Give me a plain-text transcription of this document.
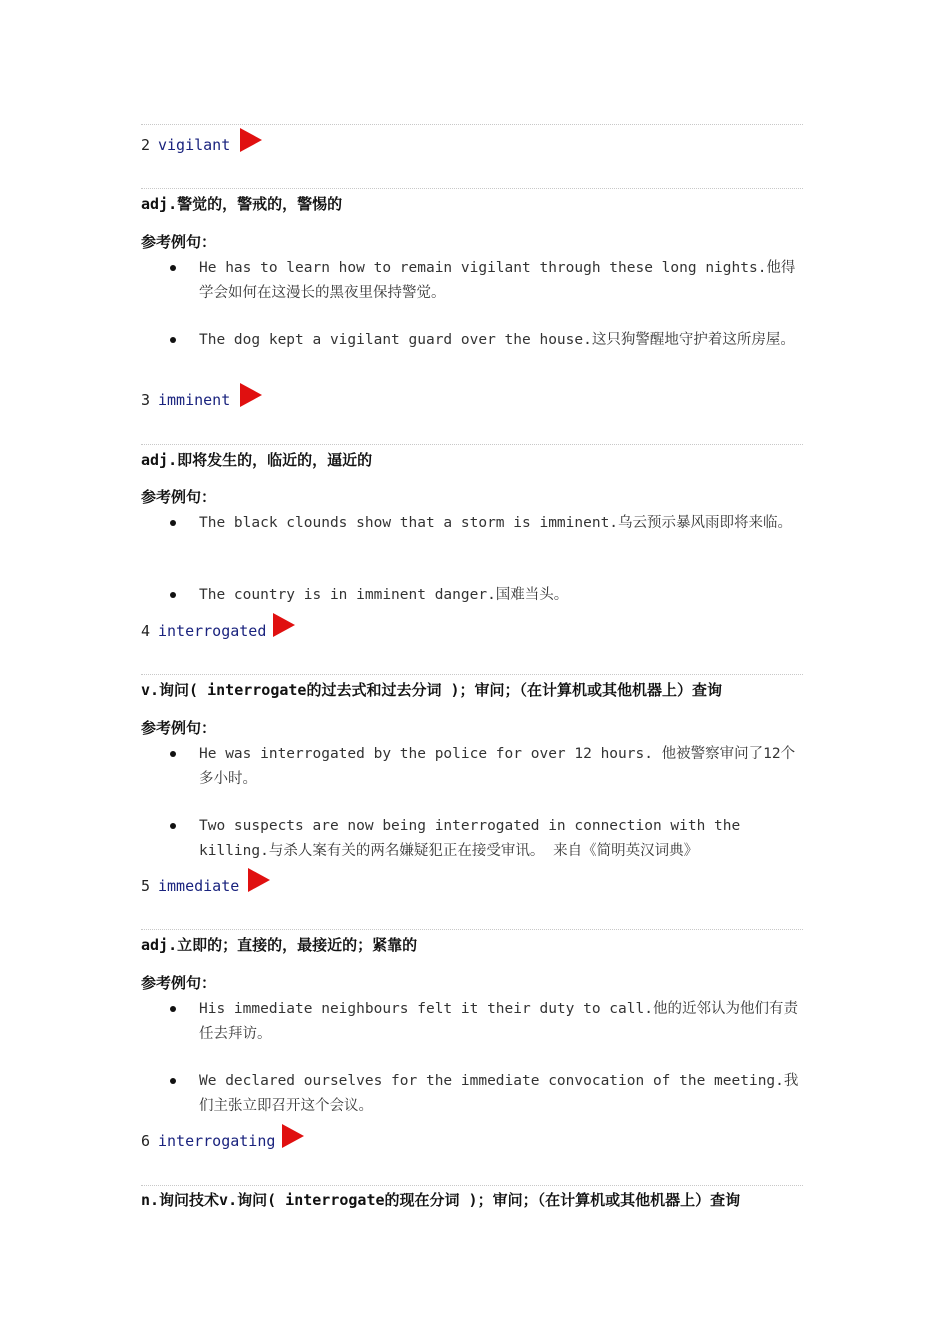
2 vigilant
adj.警觉的，警戒的，警惕的
参考例句：
He has to learn how to remain vigilant through these long nights.他得学会如何在这漫长的黑夜里保持警觉。
The dog kept a vigilant guard over the house.这只狗警醒地守护着这所房屋。
3 imminent
adj.即将发生的，临近的，逼近的
参考例句：
The black clounds show that a storm is imminent.乌云预示暴风雨即将来临。
The country is in imminent danger.国难当头。
4 interrogated
v.询问( interrogate的过去式和过去分词 )；审问；（在计算机或其他机器上）查询
参考例句：
He was interrogated by the police for over 12 hours. 他被警察审问了12个多小时。
Two suspects are now being interrogated in connection with the killing.与杀人案有关的两名嫌疑犯正在接受审讯。 来自《简明英汉词典》
5 immediate
adj.立即的；直接的，最接近的；紧靠的
参考例句：
His immediate neighbours felt it their duty to call.他的近邻认为他们有责任去拜访。
We declared ourselves for the immediate convocation of the meeting.我们主张立即召开这个会议。
6 interrogating
n.询问技术v.询问( interrogate的现在分词 )；审问；（在计算机或其他机器上）查询
